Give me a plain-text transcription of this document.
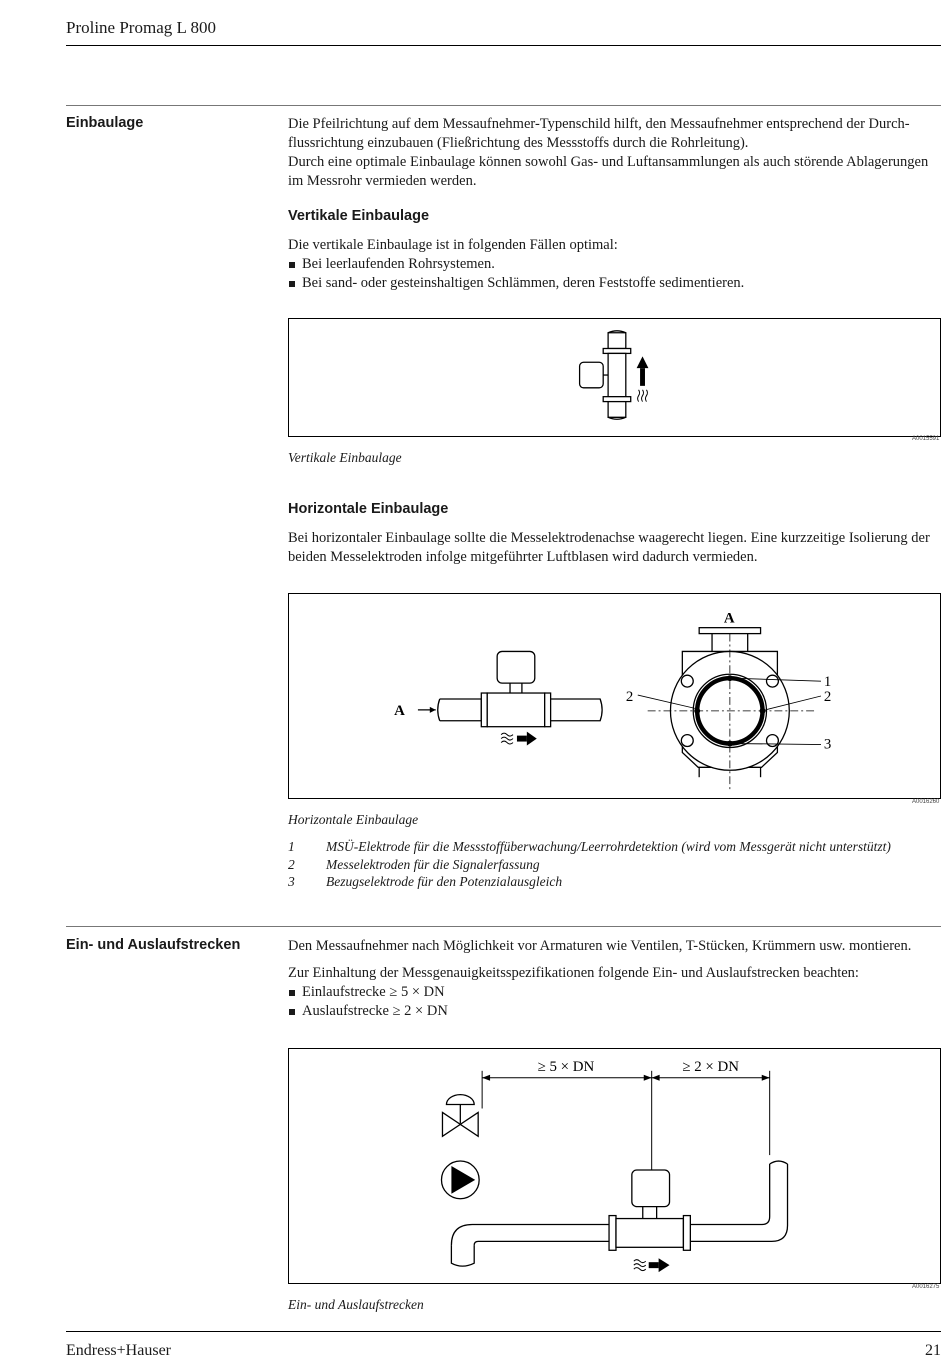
Proline Promag L 800
Einbaulage	Die Pfeilrichtung auf dem Messaufnehmer-Typenschild hilft, den Messaufnehmer entsprechend der Durch-
flussrichtung einzubauen (Fließrichtung des Messstoffs durch die Rohrleitung).
Durch eine optimale Einbaulage können sowohl Gas- und Luftansammlungen als auch störende Ablagerungen
im Messrohr vermieden werden.
Vertikale Einbaulage
Die vertikale Einbaulage ist in folgenden Fällen optimal:
Bei leerlaufenden Rohrsystemen.
Bei sand- oder gesteinshaltigen Schlämmen, deren Feststoffe sedimentieren.
A0015591
Vertikale Einbaulage
Horizontale Einbaulage
Bei horizontaler Einbaulage sollte die Messelektrodenachse waagerecht liegen. Eine kurzzeitige Isolierung der
beiden Messelektroden infolge mitgeführter Luftblasen wird dadurch vermieden.
A
A
2
1
2
3
A0016260
Horizontale Einbaulage
1	MSÜ-Elektrode für die Messstoffüberwachung/Leerrohrdetektion (wird vom Messgerät nicht unterstützt)
2	Messelektroden für die Signalerfassung
3	Bezugselektrode für den Potenzialausgleich
Ein- und Auslaufstrecken	Den Messaufnehmer nach Möglichkeit vor Armaturen wie Ventilen, T-Stücken, Krümmern usw. montieren.
Zur Einhaltung der Messgenauigkeitsspezifikationen folgende Ein- und Auslaufstrecken beachten:
Einlaufstrecke ≥ 5 × DN
Auslaufstrecke ≥ 2 × DN
≥ 5 × DN	≥ 2 × DN
A0016275
Ein- und Auslaufstrecken
Endress+Hauser	21
